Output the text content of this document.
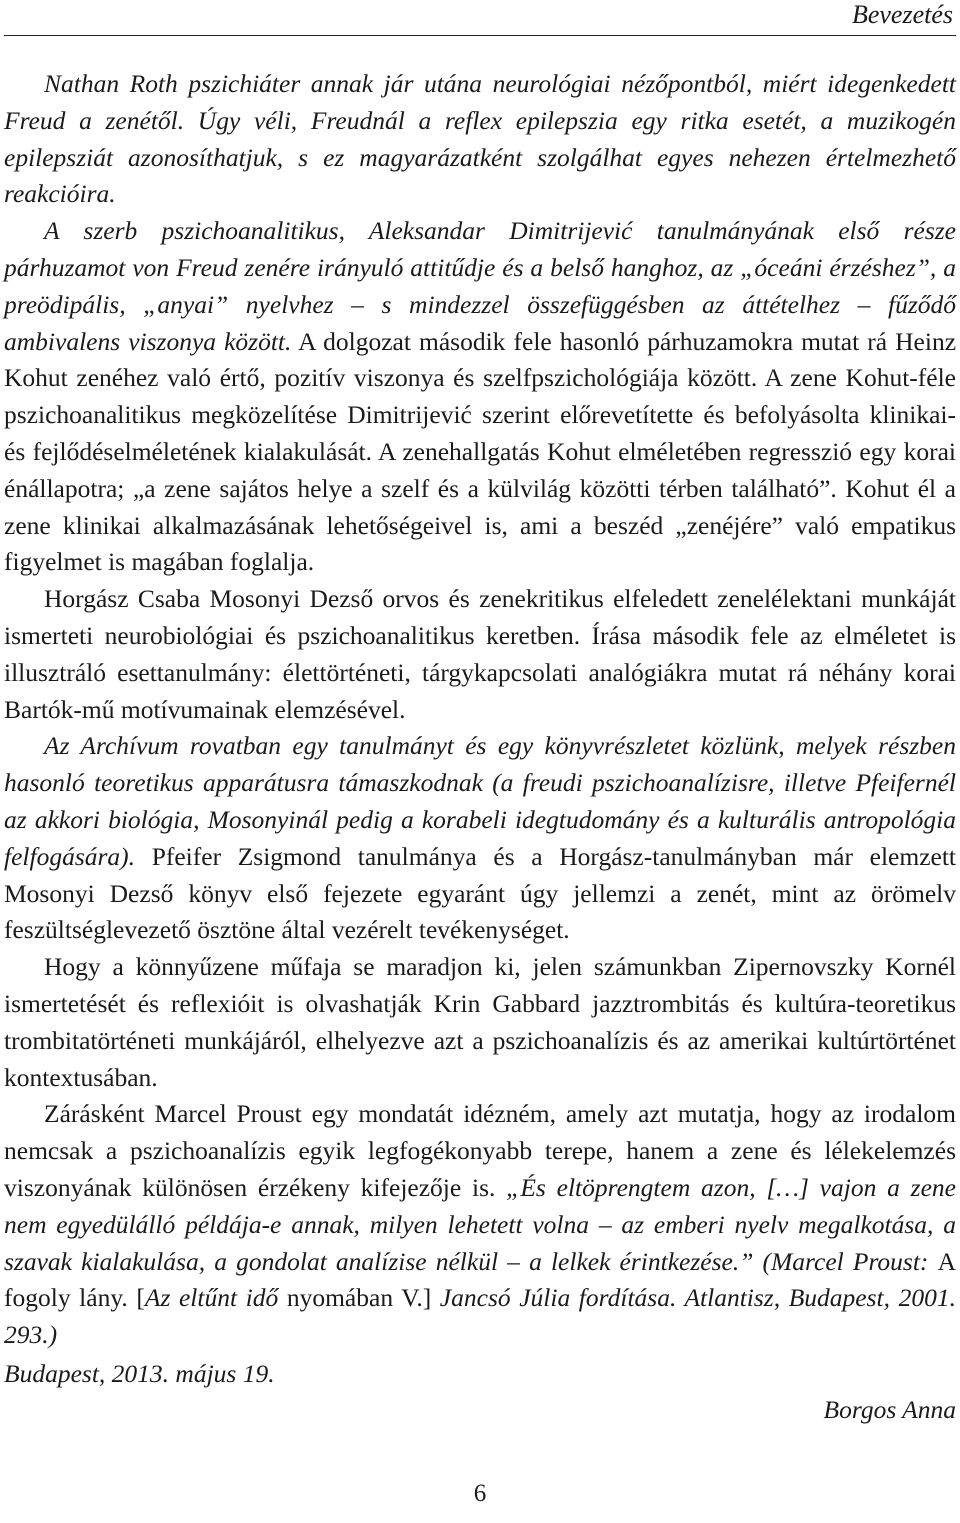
Bevezetés

Nathan Roth pszichiáter annak jár utána neurológiai nézőpontból, miért idegenkedett Freud a zenétől. Úgy véli, Freudnál a reflex epilepszia egy ritka esetét, a muzikogén epilepsziát azonosíthatjuk, s ez magyarázatként szolgálhat egyes nehezen értelmezhető reakcióira.

A szerb pszichoanalitikus, Aleksandar Dimitrijević tanulmányának első része párhuzamot von Freud zenére irányuló attitűdje és a belső hanghoz, az „óceáni érzéshez”, a preödipális, „anyai” nyelvhez – s mindezzel összefüggésben az áttételhez – fűződő ambivalens viszonya között. A dolgozat második fele hasonló párhuzamokra mutat rá Heinz Kohut zenéhez való értő, pozitív viszonya és szelfpszichológiája között. A zene Kohut-féle pszichoanalitikus megközelítése Dimitrijević szerint előrevetítette és befolyásolta klinikai- és fejlődéselméletének kialakulását. A zenehallgatás Kohut elméletében regresszió egy korai énállapotra; „a zene sajátos helye a szelf és a külvilág közötti térben található”. Kohut él a zene klinikai alkalmazásának lehetőségeivel is, ami a beszéd „zenéjére” való empatikus figyelmet is magában foglalja.

Horgász Csaba Mosonyi Dezső orvos és zenekritikus elfeledett zenelélektani munkáját ismerteti neurobiológiai és pszichoanalitikus keretben. Írása második fele az elméletet is illusztráló esettanulmány: élettörténeti, tárgykapcsolati analógiákra mutat rá néhány korai Bartók-mű motívumainak elemzésével.

Az Archívum rovatban egy tanulmányt és egy könyvrészletet közlünk, melyek részben hasonló teoretikus apparátusra támaszkodnak (a freudi pszichoanalízisre, illetve Pfeifernél az akkori biológia, Mosonyinál pedig a korabeli idegtudomány és a kulturális antropológia felfogására). Pfeifer Zsigmond tanulmánya és a Horgász-tanulmányban már elemzett Mosonyi Dezső könyv első fejezete egyaránt úgy jellemzi a zenét, mint az örömelv feszültséglevezető ösztöne által vezérelt tevékenységet.

Hogy a könnyűzene műfaja se maradjon ki, jelen számunkban Zipernovszky Kornél ismertetését és reflexióit is olvashatják Krin Gabbard jazztrombitás és kultúra-teoretikus trombitatörténeti munkájáról, elhelyezve azt a pszichoanalízis és az amerikai kultúrtörténet kontextusában.

Zárásként Marcel Proust egy mondatát idézném, amely azt mutatja, hogy az irodalom nemcsak a pszichoanalízis egyik legfogékonyabb terepe, hanem a zene és lélekelemzés viszonyának különösen érzékeny kifejezője is. „És eltöprengtem azon, […] vajon a zene nem egyedülálló példája-e annak, milyen lehetett volna – az emberi nyelv megalkotása, a szavak kialakulása, a gondolat analízise nélkül – a lelkek érintkezése.” (Marcel Proust: A fogoly lány. [Az eltűnt idő nyomában V.] Jancsó Júlia fordítása. Atlantisz, Budapest, 2001. 293.)

Budapest, 2013. május 19.
Borgos Anna
6
